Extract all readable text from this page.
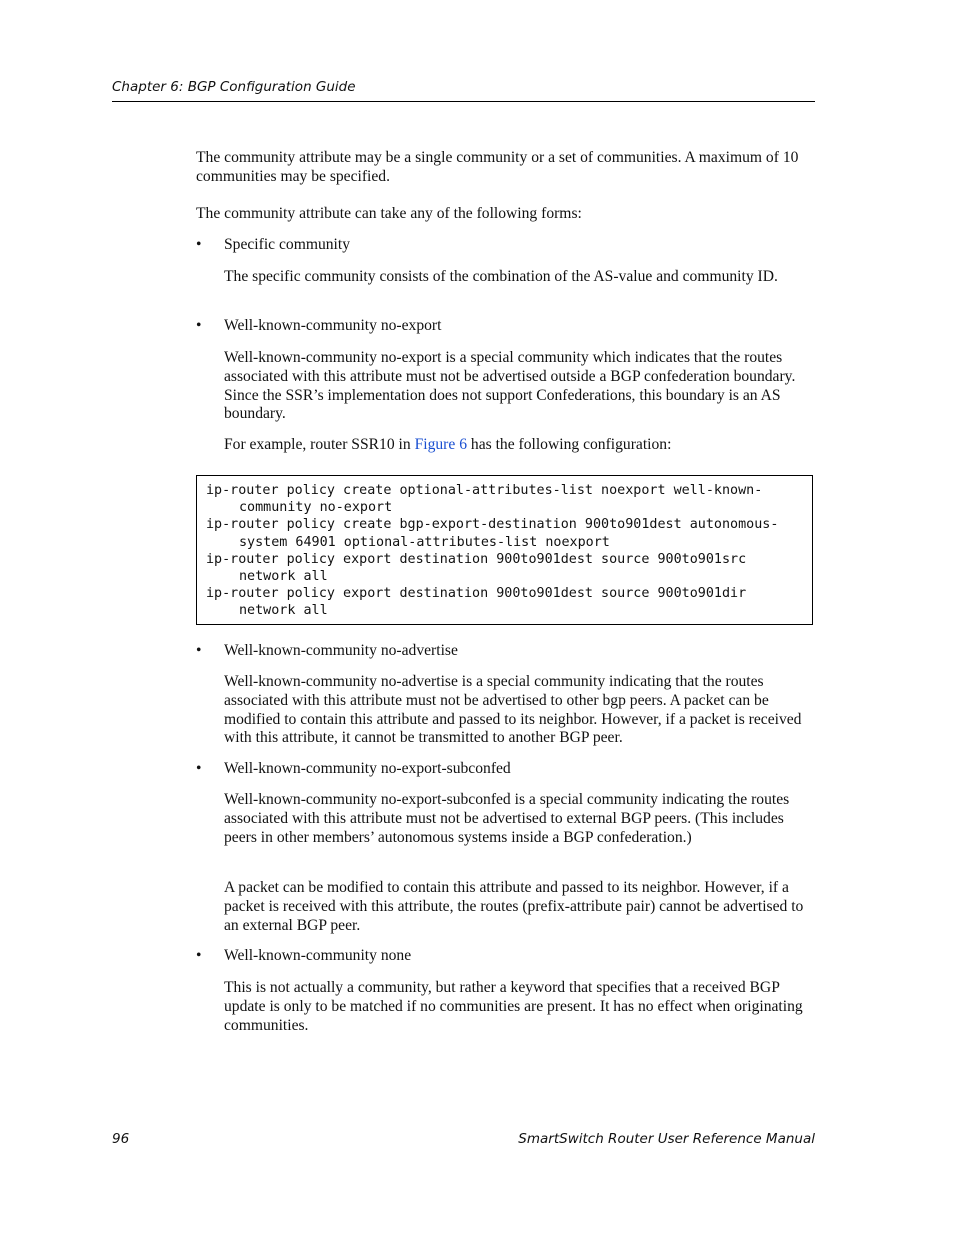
Chapter 6: BGP Configuration Guide

The community attribute may be a single community or a set of communities. A maximum of 10 communities may be specified.

The community attribute can take any of the following forms:

• Specific community

The specific community consists of the combination of the AS-value and community ID.

• Well-known-community no-export

Well-known-community no-export is a special community which indicates that the routes associated with this attribute must not be advertised outside a BGP confederation boundary. Since the SSR’s implementation does not support Confederations, this boundary is an AS boundary.

For example, router SSR10 in Figure 6 has the following configuration:

ip-router policy create optional-attributes-list noexport well-known-
community no-export
ip-router policy create bgp-export-destination 900to901dest autonomous-
system 64901 optional-attributes-list noexport
ip-router policy export destination 900to901dest source 900to901src
network all
ip-router policy export destination 900to901dest source 900to901dir
network all
• Well-known-community no-advertise

Well-known-community no-advertise is a special community indicating that the routes associated with this attribute must not be advertised to other bgp peers. A packet can be modified to contain this attribute and passed to its neighbor. However, if a packet is received with this attribute, it cannot be transmitted to another BGP peer.

• Well-known-community no-export-subconfed

Well-known-community no-export-subconfed is a special community indicating the routes associated with this attribute must not be advertised to external BGP peers. (This includes peers in other members’ autonomous systems inside a BGP confederation.)

A packet can be modified to contain this attribute and passed to its neighbor. However, if a packet is received with this attribute, the routes (prefix-attribute pair) cannot be advertised to an external BGP peer.

• Well-known-community none

This is not actually a community, but rather a keyword that specifies that a received BGP update is only to be matched if no communities are present. It has no effect when originating communities.

96	SmartSwitch Router User Reference Manual
